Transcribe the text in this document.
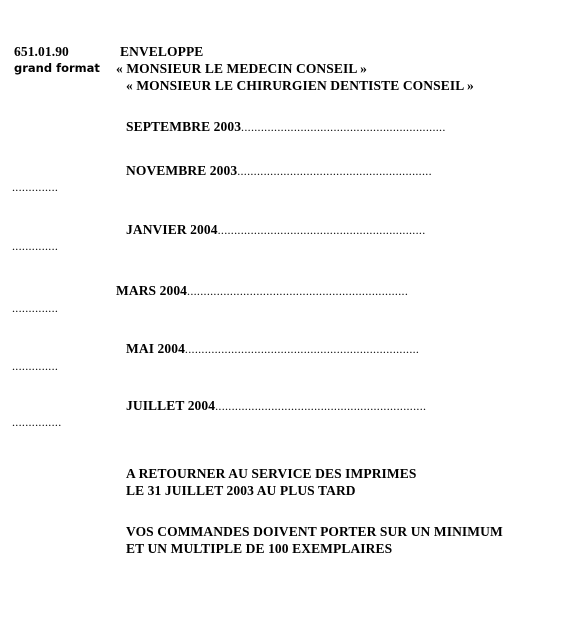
651.01.90
grand format
ENVELOPPE
« MONSIEUR LE MEDECIN CONSEIL »
« MONSIEUR LE CHIRURGIEN DENTISTE CONSEIL »
SEPTEMBRE 2003..............................................................
NOVEMBRE 2003...........................................................
..............
JANVIER 2004...............................................................
..............
MARS 2004...................................................................
..............
MAI 2004.......................................................................
..............
JUILLET 2004................................................................
...............
A RETOURNER AU SERVICE DES IMPRIMES
LE 31 JUILLET 2003 AU PLUS TARD
VOS COMMANDES DOIVENT PORTER SUR UN MINIMUM
ET UN MULTIPLE DE 100 EXEMPLAIRES
